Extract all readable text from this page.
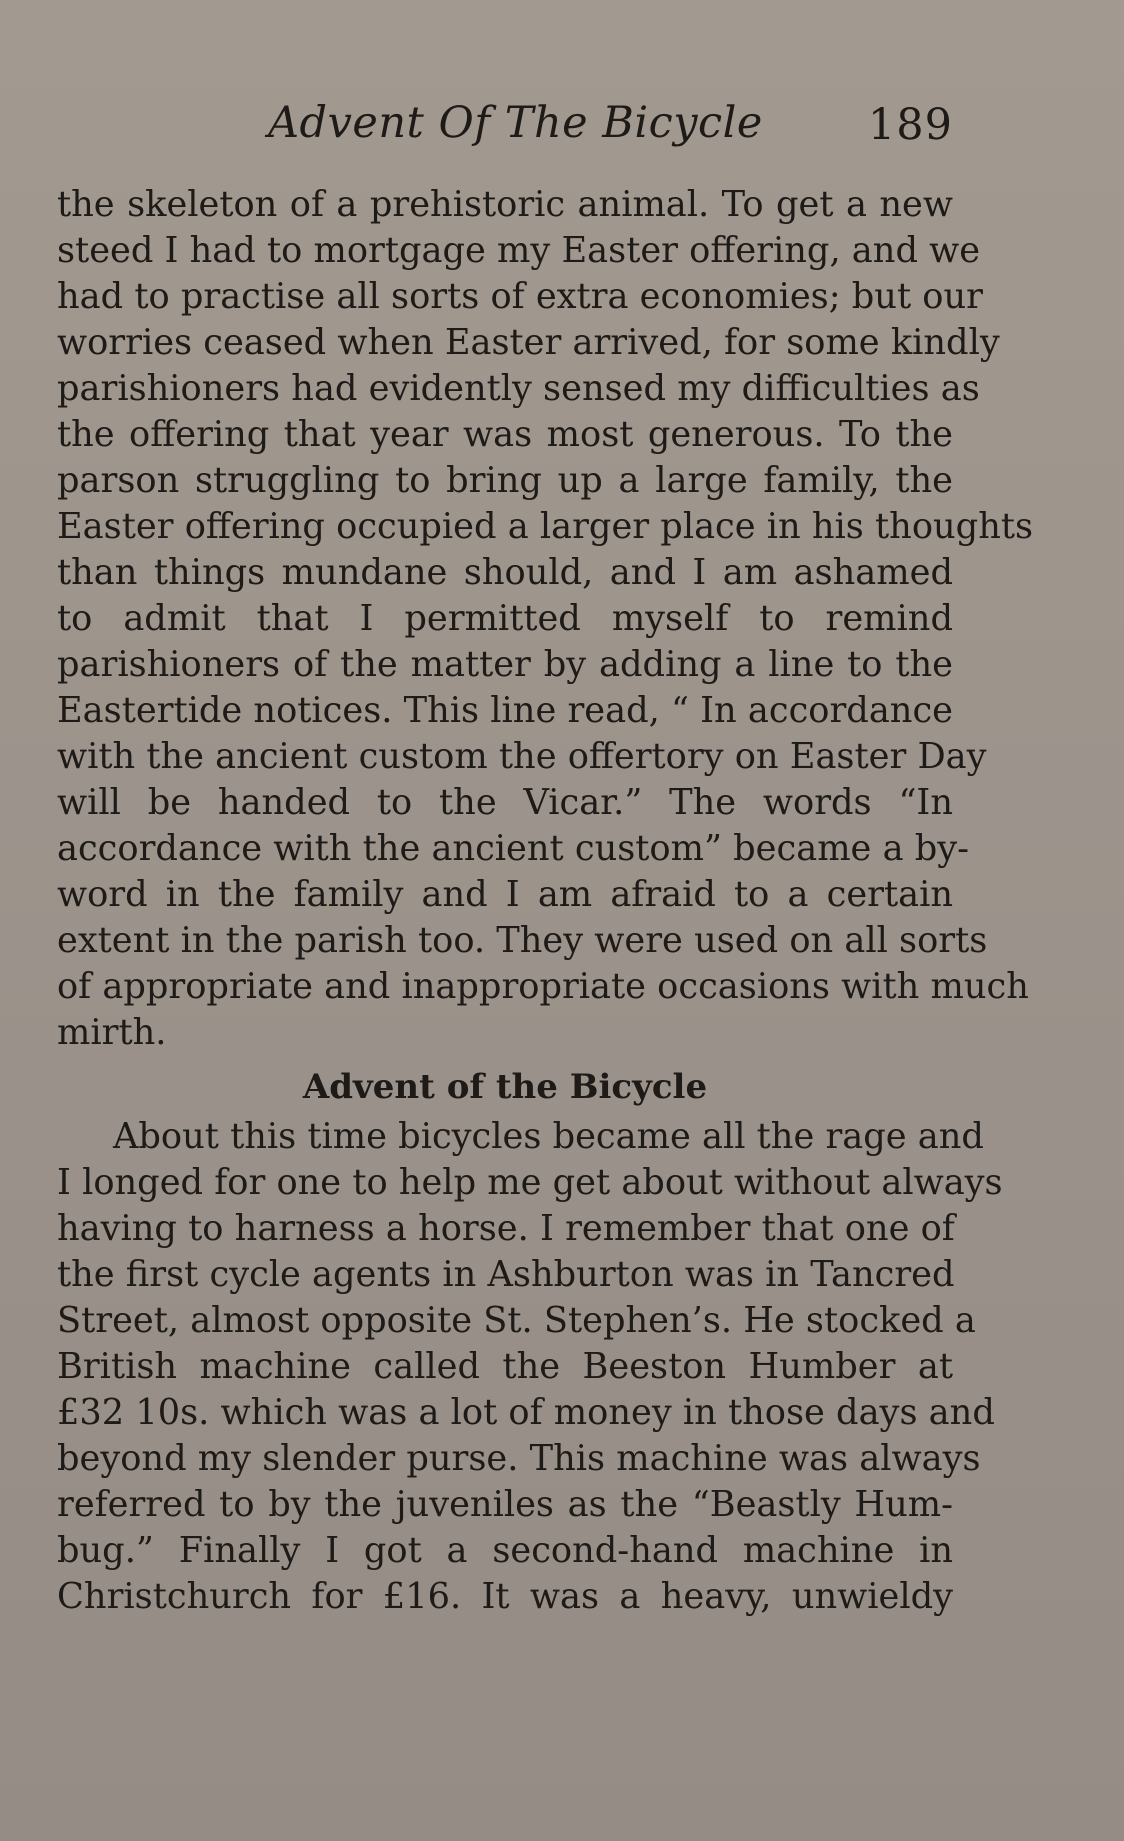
Advent Of The Bicycle 189
the skeleton of a prehistoric animal. To get a new
steed I had to mortgage my Easter offering, and we
had to practise all sorts of extra economies; but our
worries ceased when Easter arrived, for some kindly
parishioners had evidently sensed my difficulties as
the offering that year was most generous. To the
parson struggling to bring up a large family, the
Easter offering occupied a larger place in his thoughts
than things mundane should, and I am ashamed
to admit that I permitted myself to remind
parishioners of the matter by adding a line to the
Eastertide notices. This line read, “ In accordance
with the ancient custom the offertory on Easter Day
will be handed to the Vicar.” The words “In
accordance with the ancient custom” became a by-
word in the family and I am afraid to a certain
extent in the parish too. They were used on all sorts
of appropriate and inappropriate occasions with much
mirth.
Advent of the Bicycle
About this time bicycles became all the rage and
I longed for one to help me get about without always
having to harness a horse. I remember that one of
the first cycle agents in Ashburton was in Tancred
Street, almost opposite St. Stephen’s. He stocked a
British machine called the Beeston Humber at
£32 10s. which was a lot of money in those days and
beyond my slender purse. This machine was always
referred to by the juveniles as the “Beastly Hum-
bug.” Finally I got a second-hand machine in
Christchurch for £16. It was a heavy, unwieldy
